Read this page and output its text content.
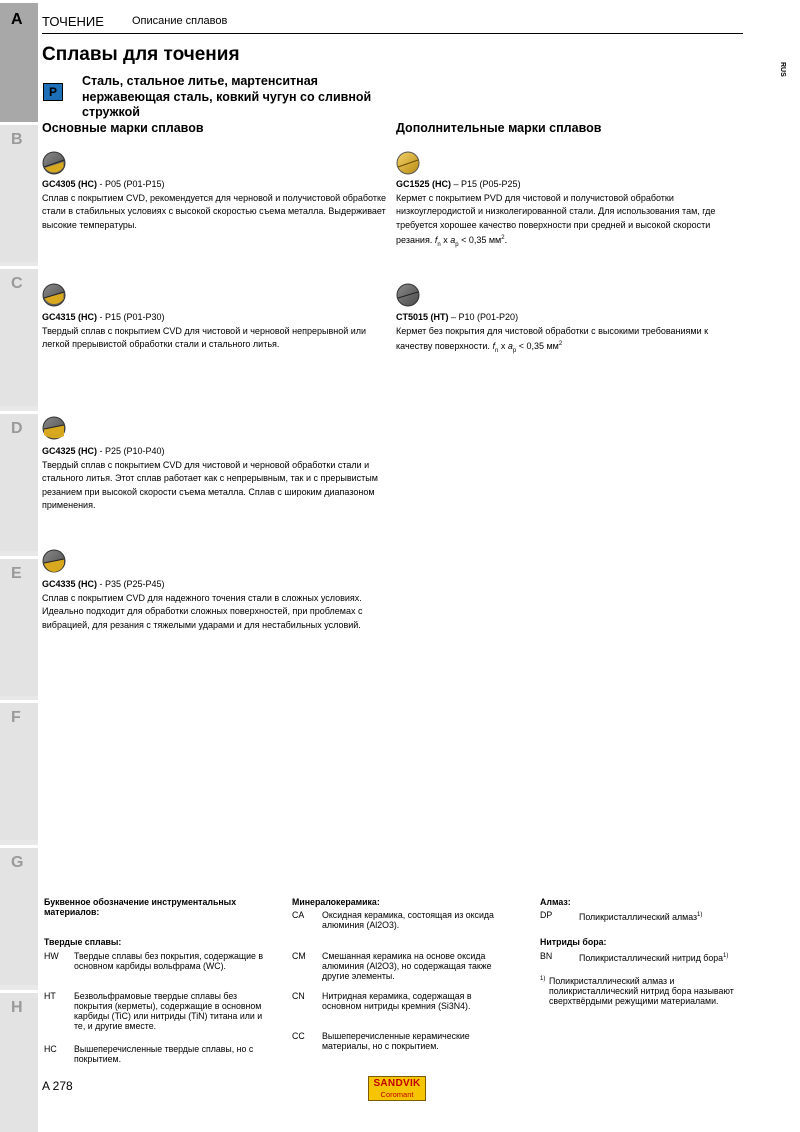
A
B
C
D
E
F
G
H
ТОЧЕНИЕ	Описание сплавов
RUS
Сплавы для точения
P
Сталь, стальное литье, мартенситная нержавеющая сталь, ковкий чугун со сливной стружкой
Основные марки сплавов	Дополнительные марки сплавов
GC4305 (HC) - P05 (P01-P15)
Сплав с покрытием CVD, рекомендуется для черновой и получистовой обработке стали в стабильных условиях с высокой скоростью съема металла. Выдерживает высокие температуры.
GC4315 (HC) - P15 (P01-P30)
Твердый сплав с покрытием CVD для чистовой и черновой непрерывной или легкой прерывистой обработки стали и стального литья.
GC4325 (HC) - P25 (P10-P40)
Твердый сплав с покрытием CVD для чистовой и черновой обработки стали и стального литья. Этот сплав работает как с непрерывным, так и с прерывистым резанием при высокой скорости съема металла. Сплав с широким диапазоном применения.
GC4335 (HC) - P35 (P25-P45)
Сплав с покрытием CVD для надежного точения стали в сложных условиях. Идеально подходит для обработки сложных поверхностей, при проблемах с вибрацией, для резания с тяжелыми ударами и для нестабильных условий.
GC1525 (HC) – P15 (P05-P25)
Кермет с покрытием PVD для чистовой и получистовой обработки низкоуглеродистой и низколегированной стали. Для использования там, где требуется хорошее качество поверхности при средней и высокой скорости резания. $f_n$ x $a_p < 0,35$ $мм^2$.
CT5015 (HT) – P10 (P01-P20)
Кермет без покрытия для чистовой обработки с высокими требованиями к качеству поверхности. $f_n$ x $a_p < 0,35$ $мм^2$
Буквенное обозначение инструментальных материалов:
Твердые сплавы:
HW Твердые сплавы без покрытия, содержащие в основном карбиды вольфрама (WC).
HT Безвольфрамовые твердые сплавы без покрытия (керметы), содержащие в основном карбиды (TiC) или нитриды (TiN) титана или и те, и другие вместе.
HC Вышеперечисленные твердые сплавы, но с покрытием.
Минералокерамика:
CA Оксидная керамика, состоящая из оксида алюминия (Al2O3).
CM Смешанная керамика на основе оксида алюминия (Al2O3), но содержащая также другие элементы.
CN Нитридная керамика, содержащая в основном нитриды кремния (Si3N4).
CC Вышеперечисленные керамические материалы, но с покрытием.
Алмаз:
DP	Поликристаллический алмаз$^{1)}$
Нитриды бора:
BN	Поликристаллический нитрид бора$^{1)}$
1) Поликристаллический алмаз и поликристаллический нитрид бора называют сверхтвёрдыми режущими материалами.
A 278	SANDVIK
Coromant
